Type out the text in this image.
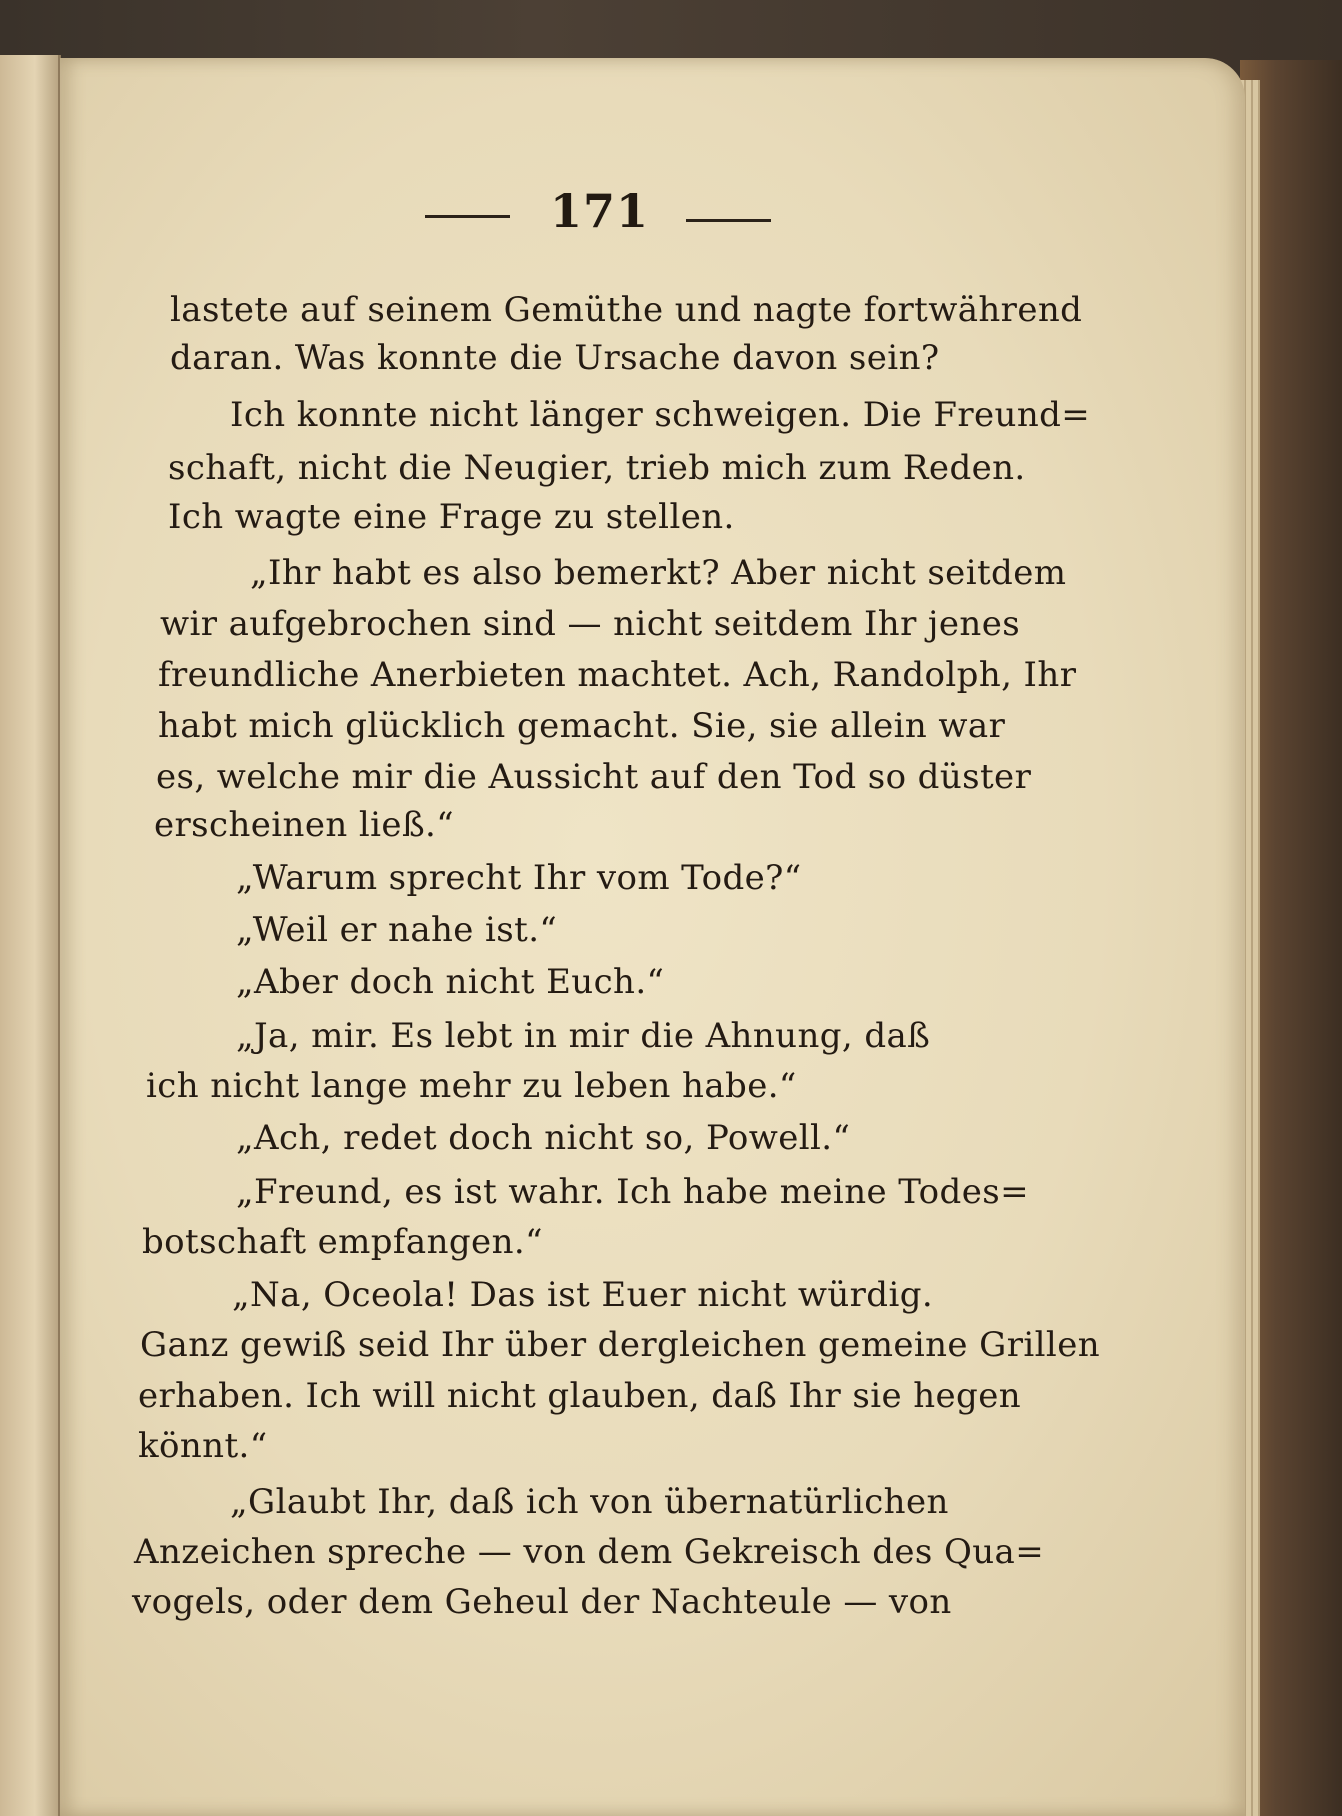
171
lastete auf seinem Gemüthe und nagte fortwährend
daran. Was konnte die Ursache davon sein?
Ich konnte nicht länger schweigen. Die Freund=
schaft, nicht die Neugier, trieb mich zum Reden.
Ich wagte eine Frage zu stellen.
„Ihr habt es also bemerkt? Aber nicht seitdem
wir aufgebrochen sind — nicht seitdem Ihr jenes
freundliche Anerbieten machtet. Ach, Randolph, Ihr
habt mich glücklich gemacht. Sie, sie allein war
es, welche mir die Aussicht auf den Tod so düster
erscheinen ließ.“
„Warum sprecht Ihr vom Tode?“
„Weil er nahe ist.“
„Aber doch nicht Euch.“
„Ja, mir. Es lebt in mir die Ahnung, daß
ich nicht lange mehr zu leben habe.“
„Ach, redet doch nicht so, Powell.“
„Freund, es ist wahr. Ich habe meine Todes=
botschaft empfangen.“
„Na, Oceola! Das ist Euer nicht würdig.
Ganz gewiß seid Ihr über dergleichen gemeine Grillen
erhaben. Ich will nicht glauben, daß Ihr sie hegen
könnt.“
„Glaubt Ihr, daß ich von übernatürlichen
Anzeichen spreche — von dem Gekreisch des Qua=
vogels, oder dem Geheul der Nachteule — von
